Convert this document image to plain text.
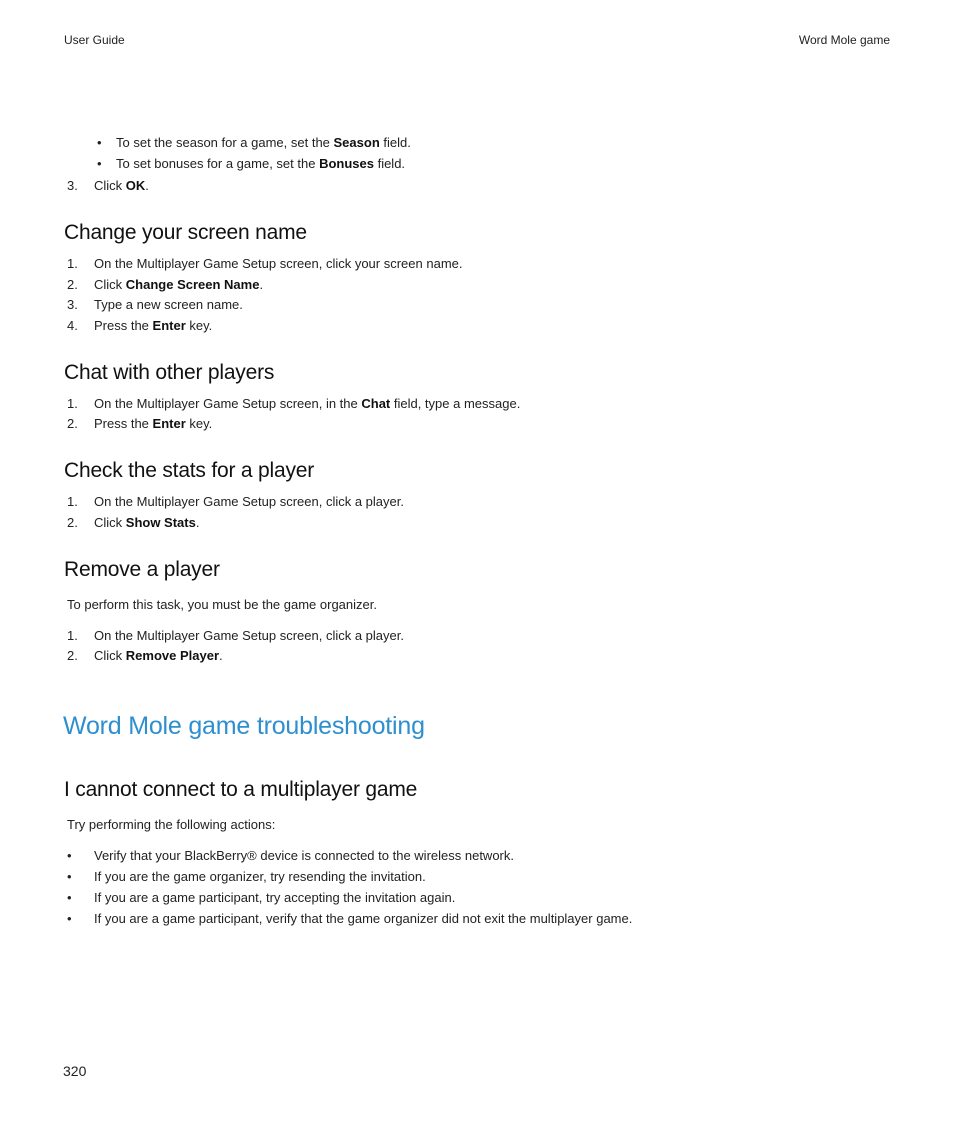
User Guide	Word Mole game
• To set the season for a game, set the Season field.
• To set bonuses for a game, set the Bonuses field.
3. Click OK.
Change your screen name
1. On the Multiplayer Game Setup screen, click your screen name.
2. Click Change Screen Name.
3. Type a new screen name.
4. Press the Enter key.
Chat with other players
1. On the Multiplayer Game Setup screen, in the Chat field, type a message.
2. Press the Enter key.
Check the stats for a player
1. On the Multiplayer Game Setup screen, click a player.
2. Click Show Stats.
Remove a player
To perform this task, you must be the game organizer.
1. On the Multiplayer Game Setup screen, click a player.
2. Click Remove Player.
Word Mole game troubleshooting
I cannot connect to a multiplayer game
Try performing the following actions:
• Verify that your BlackBerry® device is connected to the wireless network.
• If you are the game organizer, try resending the invitation.
• If you are a game participant, try accepting the invitation again.
• If you are a game participant, verify that the game organizer did not exit the multiplayer game.
320
